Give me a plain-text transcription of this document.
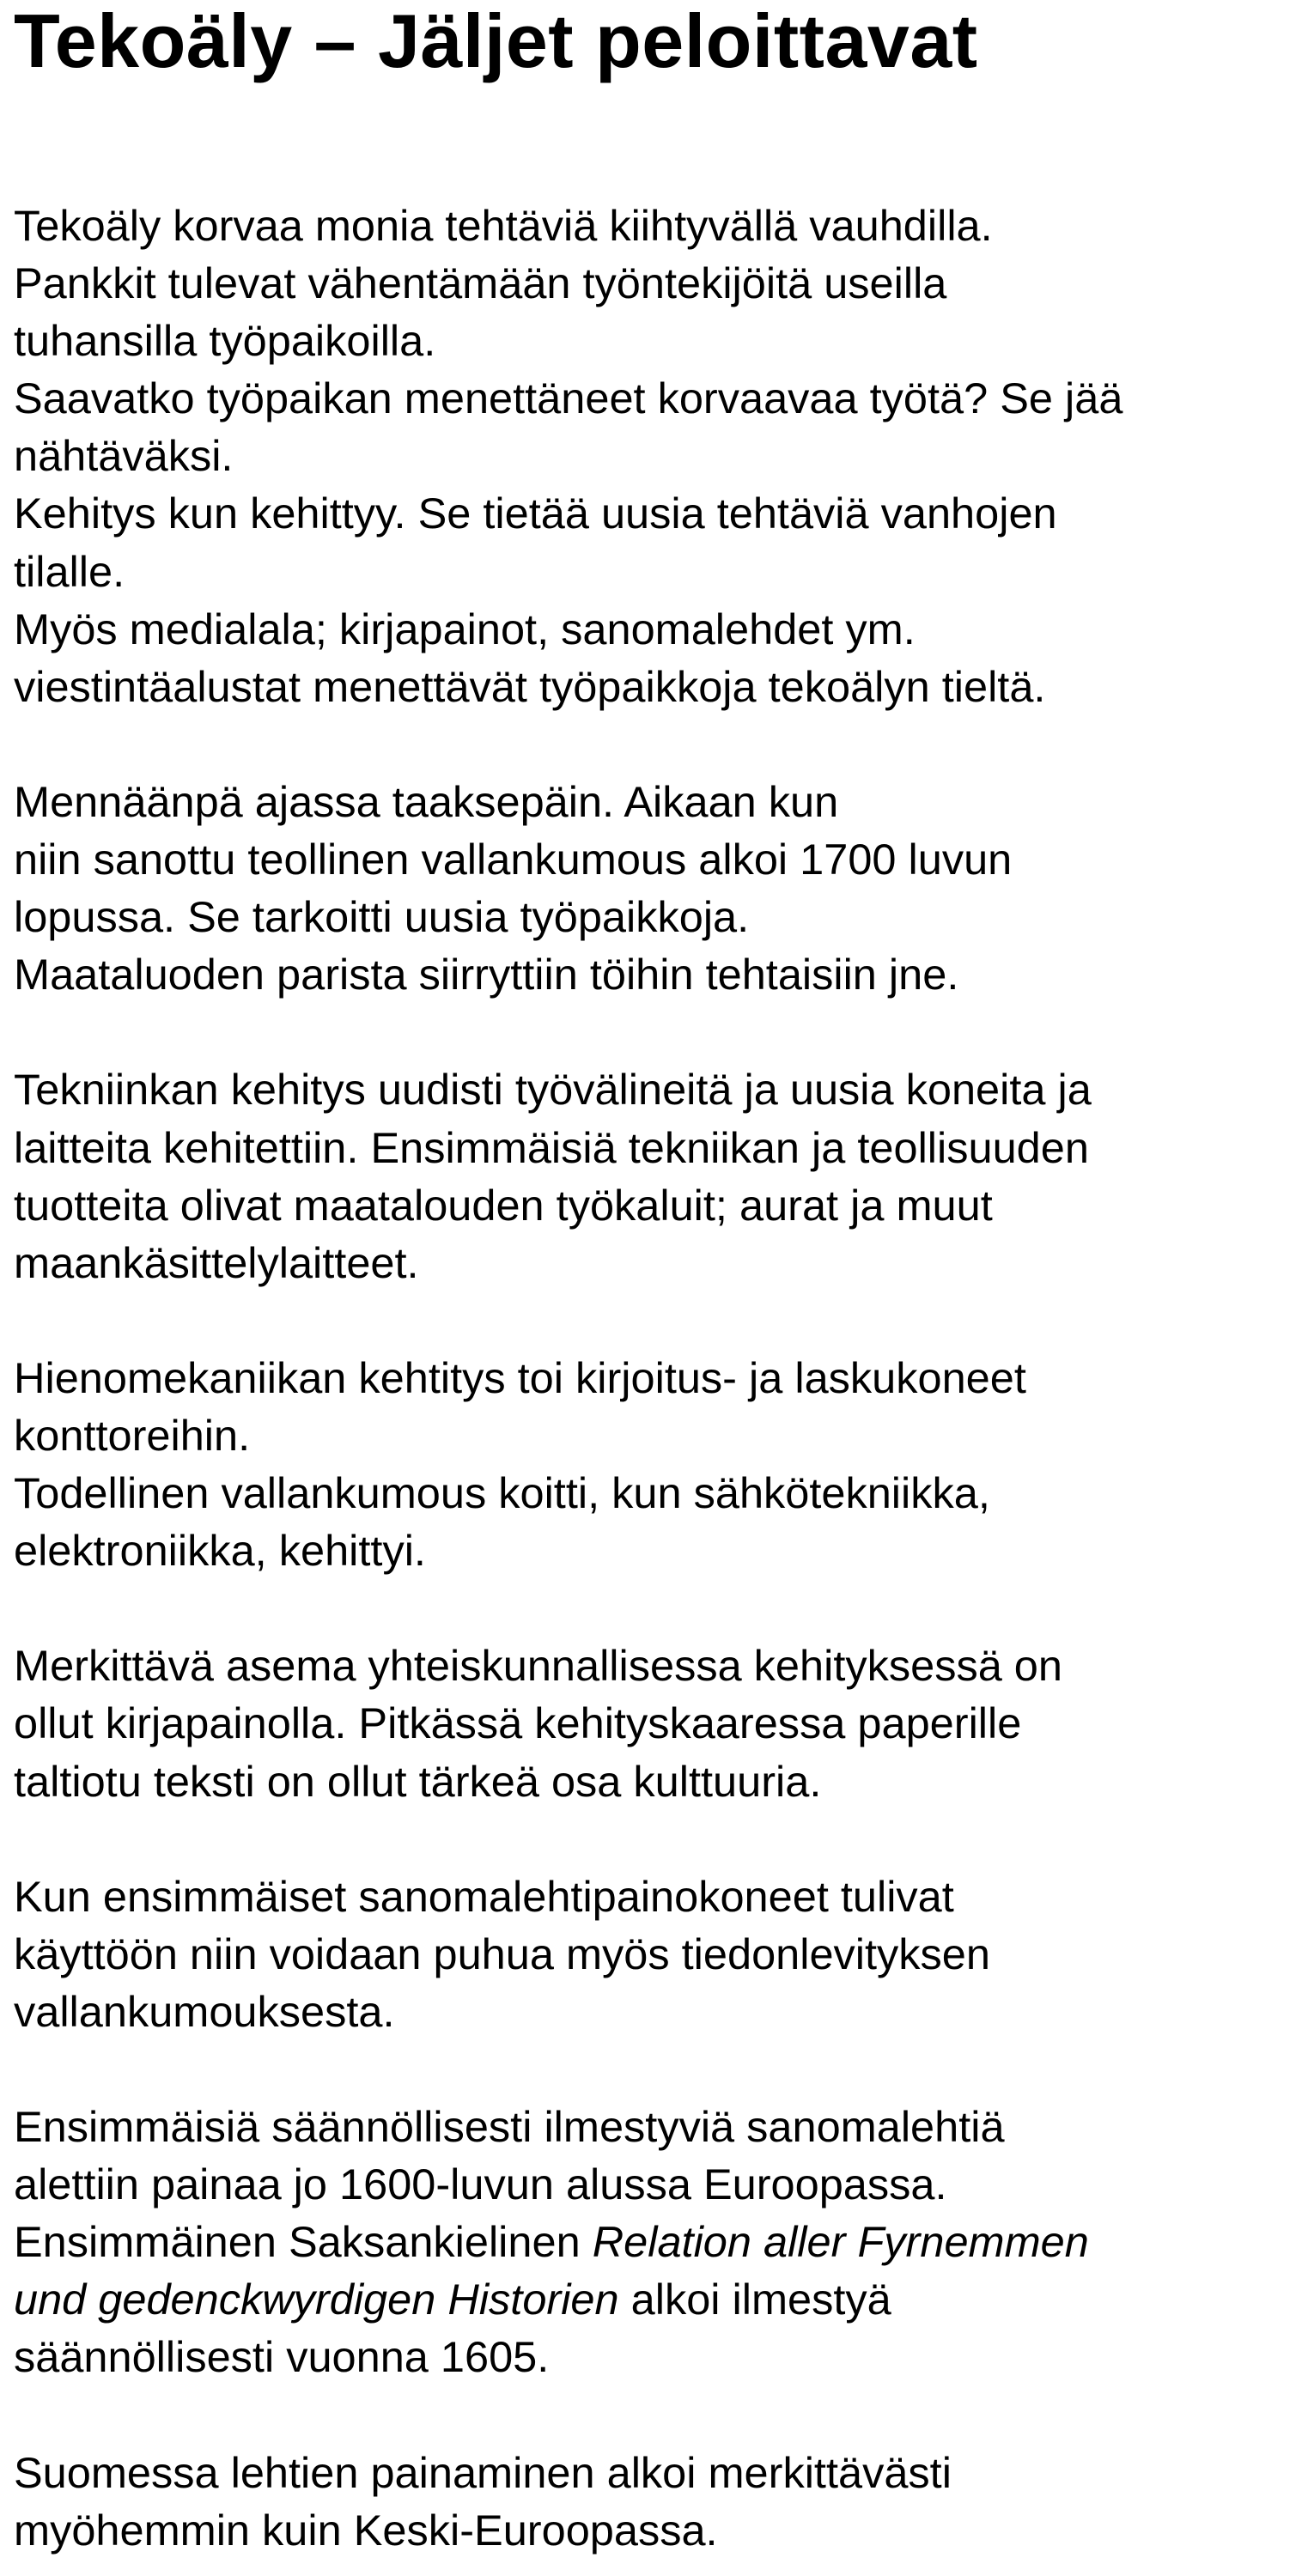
Tekoäly – Jäljet peloittavat
Tekoäly korvaa monia tehtäviä kiihtyvällä vauhdilla.
Pankkit tulevat vähentämään työntekijöitä useilla
tuhansilla työpaikoilla.
Saavatko työpaikan menettäneet korvaavaa työtä? Se jää
nähtäväksi.
Kehitys kun kehittyy. Se tietää uusia tehtäviä vanhojen
tilalle.
Myös medialala; kirjapainot, sanomalehdet ym.
viestintäalustat menettävät työpaikkoja tekoälyn tieltä.
Mennäänpä ajassa taaksepäin. Aikaan kun
niin sanottu teollinen vallankumous alkoi 1700 luvun
lopussa. Se tarkoitti uusia työpaikkoja.
Maataluoden parista siirryttiin töihin tehtaisiin jne.
Tekniinkan kehitys uudisti työvälineitä ja uusia koneita ja
laitteita kehitettiin. Ensimmäisiä tekniikan ja teollisuuden
tuotteita olivat maatalouden työkaluit; aurat ja muut
maankäsittelylaitteet.
Hienomekaniikan kehtitys toi kirjoitus- ja laskukoneet
konttoreihin.
Todellinen vallankumous koitti, kun sähkötekniikka,
elektroniikka, kehittyi.
Merkittävä asema yhteiskunnallisessa kehityksessä on
ollut kirjapainolla. Pitkässä kehityskaaressa paperille
taltiotu teksti on ollut tärkeä osa kulttuuria.
Kun ensimmäiset sanomalehtipainokoneet tulivat
käyttöön niin voidaan puhua myös tiedonlevityksen
vallankumouksesta.
Ensimmäisiä säännöllisesti ilmestyviä sanomalehtiä
alettiin painaa jo 1600-luvun alussa Euroopassa.
Ensimmäinen Saksankielinen Relation aller Fyrnemmen
und gedenckwyrdigen Historien alkoi ilmestyä
säännöllisesti vuonna 1605.
Suomessa lehtien painaminen alkoi merkittävästi
myöhemmin kuin Keski-Euroopassa.
